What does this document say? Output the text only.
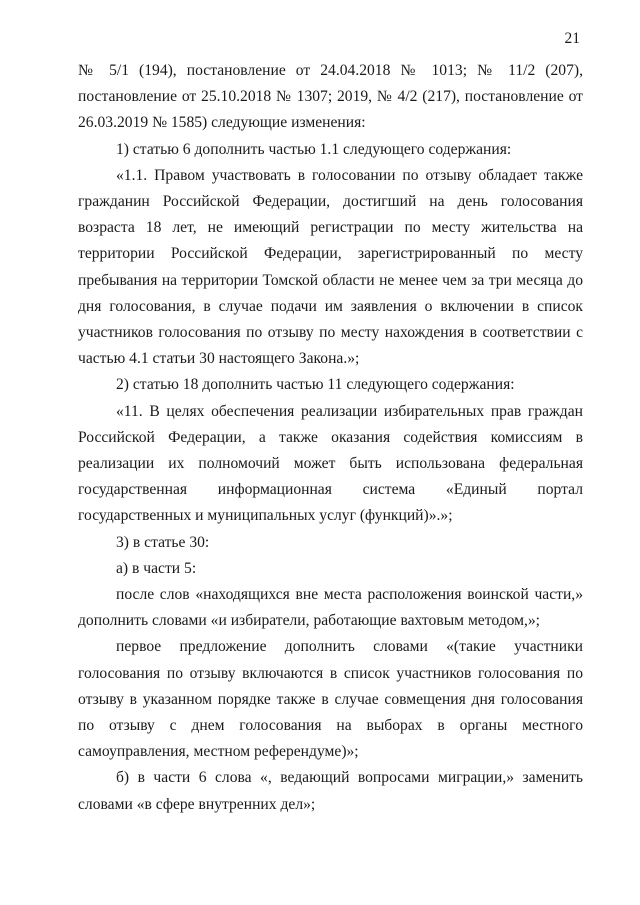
21

№ 5/1 (194), постановление от 24.04.2018 № 1013; № 11/2 (207), постановление от 25.10.2018 № 1307; 2019, № 4/2 (217), постановление от 26.03.2019 № 1585) следующие изменения:

1) статью 6 дополнить частью 1.1 следующего содержания:

«1.1. Правом участвовать в голосовании по отзыву обладает также гражданин Российской Федерации, достигший на день голосования возраста 18 лет, не имеющий регистрации по месту жительства на территории Российской Федерации, зарегистрированный по месту пребывания на территории Томской области не менее чем за три месяца до дня голосования, в случае подачи им заявления о включении в список участников голосования по отзыву по месту нахождения в соответствии с частью 4.1 статьи 30 настоящего Закона.»;

2) статью 18 дополнить частью 11 следующего содержания:

«11. В целях обеспечения реализации избирательных прав граждан Российской Федерации, а также оказания содействия комиссиям в реализации их полномочий может быть использована федеральная государственная информационная система «Единый портал государственных и муниципальных услуг (функций)».»;

3) в статье 30:

а) в части 5:

после слов «находящихся вне места расположения воинской части,» дополнить словами «и избиратели, работающие вахтовым методом,»;

первое предложение дополнить словами «(такие участники голосования по отзыву включаются в список участников голосования по отзыву в указанном порядке также в случае совмещения дня голосования по отзыву с днем голосования на выборах в органы местного самоуправления, местном референдуме)»;

б) в части 6 слова «, ведающий вопросами миграции,» заменить словами «в сфере внутренних дел»;
